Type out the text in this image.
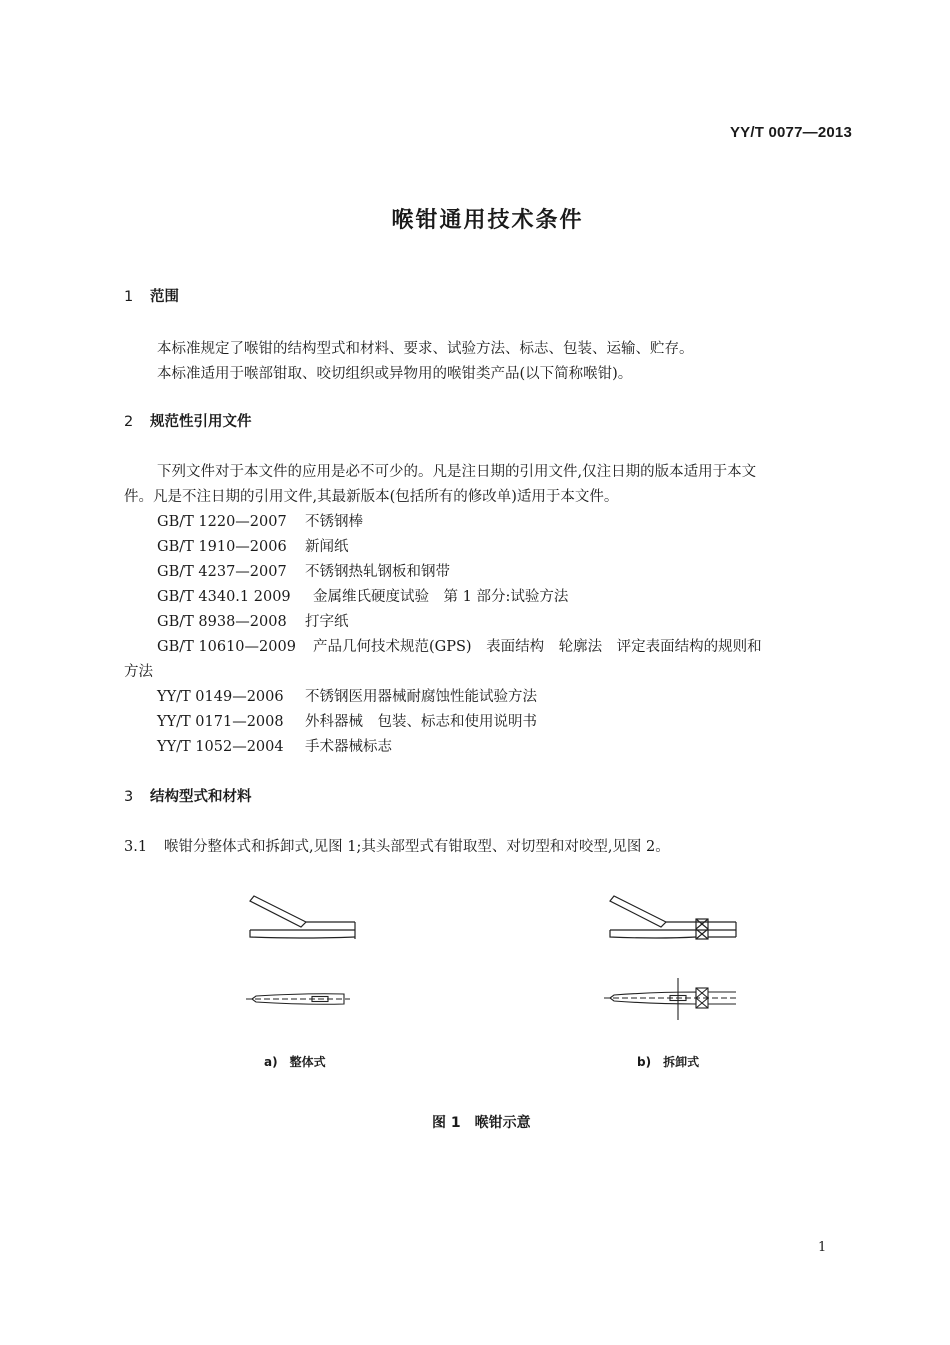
YY/T 0077—2013
喉钳通用技术条件
1 范围
本标准规定了喉钳的结构型式和材料、要求、试验方法、标志、包装、运输、贮存。
本标准适用于喉部钳取、咬切组织或异物用的喉钳类产品(以下简称喉钳)。
2 规范性引用文件
下列文件对于本文件的应用是必不可少的。凡是注日期的引用文件,仅注日期的版本适用于本文
件。凡是不注日期的引用文件,其最新版本(包括所有的修改单)适用于本文件。
GB/T 1220—2007 不锈钢棒
GB/T 1910—2006 新闻纸
GB/T 4237—2007 不锈钢热轧钢板和钢带
GB/T 4340.1 2009 金属维氏硬度试验　第 1 部分:试验方法
GB/T 8938—2008 打字纸
GB/T 10610—2009 产品几何技术规范(GPS)　表面结构　轮廓法　评定表面结构的规则和
方法
YY/T 0149—2006 不锈钢医用器械耐腐蚀性能试验方法
YY/T 0171—2008 外科器械　包装、标志和使用说明书
YY/T 1052—2004 手术器械标志
3 结构型式和材料
3.1 喉钳分整体式和拆卸式,见图 1;其头部型式有钳取型、对切型和对咬型,见图 2。
a)　整体式	b)　拆卸式
图 1　喉钳示意
1
